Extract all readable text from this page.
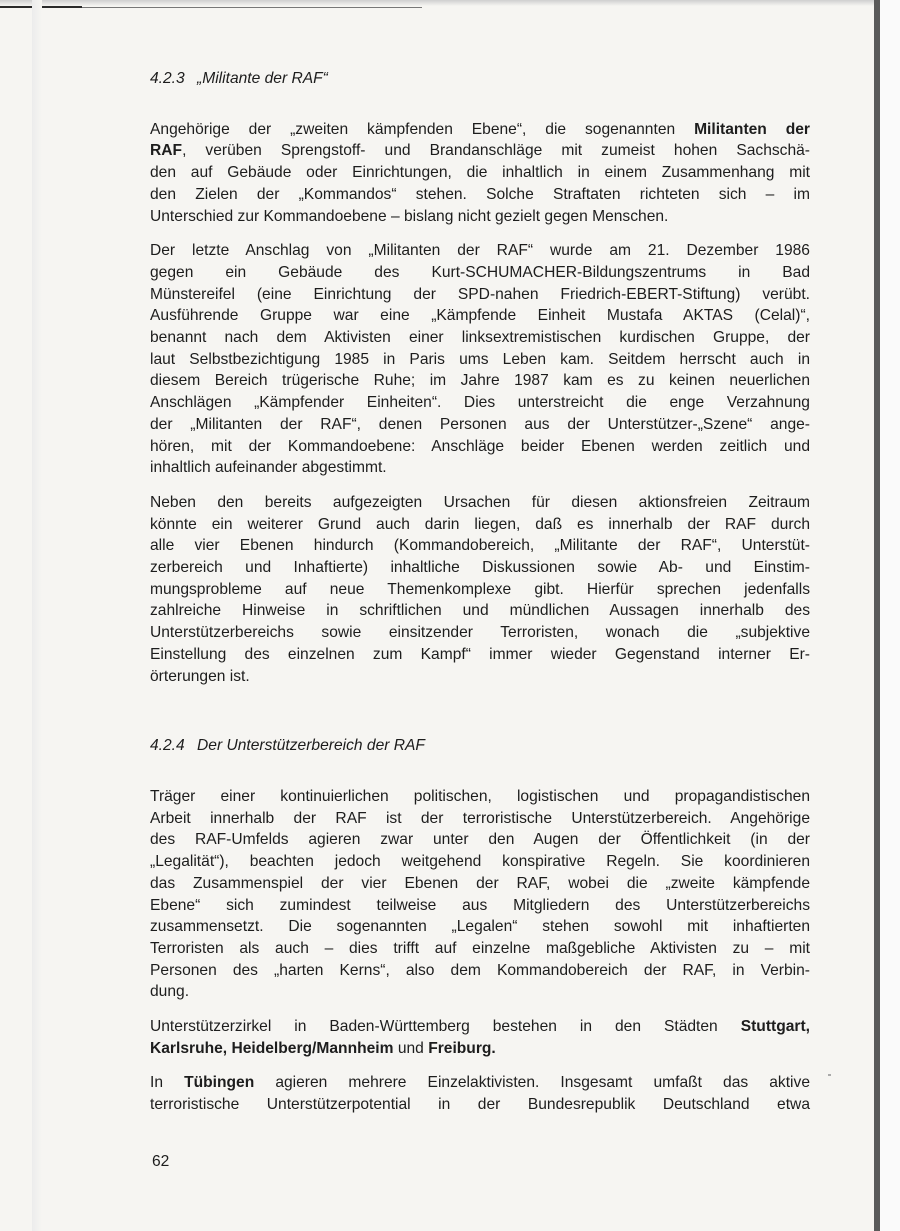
4.2.3 „Militante der RAF“

Angehörige der „zweiten kämpfenden Ebene“, die sogenannten Militanten der
RAF, verüben Sprengstoff- und Brandanschläge mit zumeist hohen Sachschä-
den auf Gebäude oder Einrichtungen, die inhaltlich in einem Zusammenhang mit
den Zielen der „Kommandos“ stehen. Solche Straftaten richteten sich – im
Unterschied zur Kommandoebene – bislang nicht gezielt gegen Menschen.

Der letzte Anschlag von „Militanten der RAF“ wurde am 21. Dezember 1986
gegen ein Gebäude des Kurt-SCHUMACHER-Bildungszentrums in Bad
Münstereifel (eine Einrichtung der SPD-nahen Friedrich-EBERT-Stiftung) verübt.
Ausführende Gruppe war eine „Kämpfende Einheit Mustafa AKTAS (Celal)“,
benannt nach dem Aktivisten einer linksextremistischen kurdischen Gruppe, der
laut Selbstbezichtigung 1985 in Paris ums Leben kam. Seitdem herrscht auch in
diesem Bereich trügerische Ruhe; im Jahre 1987 kam es zu keinen neuerlichen
Anschlägen „Kämpfender Einheiten“. Dies unterstreicht die enge Verzahnung
der „Militanten der RAF“, denen Personen aus der Unterstützer-„Szene“ ange-
hören, mit der Kommandoebene: Anschläge beider Ebenen werden zeitlich und
inhaltlich aufeinander abgestimmt.

Neben den bereits aufgezeigten Ursachen für diesen aktionsfreien Zeitraum
könnte ein weiterer Grund auch darin liegen, daß es innerhalb der RAF durch
alle vier Ebenen hindurch (Kommandobereich, „Militante der RAF“, Unterstüt-
zerbereich und Inhaftierte) inhaltliche Diskussionen sowie Ab- und Einstim-
mungsprobleme auf neue Themenkomplexe gibt. Hierfür sprechen jedenfalls
zahlreiche Hinweise in schriftlichen und mündlichen Aussagen innerhalb des
Unterstützerbereichs sowie einsitzender Terroristen, wonach die „subjektive
Einstellung des einzelnen zum Kampf“ immer wieder Gegenstand interner Er-
örterungen ist.

4.2.4 Der Unterstützerbereich der RAF

Träger einer kontinuierlichen politischen, logistischen und propagandistischen
Arbeit innerhalb der RAF ist der terroristische Unterstützerbereich. Angehörige
des RAF-Umfelds agieren zwar unter den Augen der Öffentlichkeit (in der
„Legalität“), beachten jedoch weitgehend konspirative Regeln. Sie koordinieren
das Zusammenspiel der vier Ebenen der RAF, wobei die „zweite kämpfende
Ebene“ sich zumindest teilweise aus Mitgliedern des Unterstützerbereichs
zusammensetzt. Die sogenannten „Legalen“ stehen sowohl mit inhaftierten
Terroristen als auch – dies trifft auf einzelne maßgebliche Aktivisten zu – mit
Personen des „harten Kerns“, also dem Kommandobereich der RAF, in Verbin-
dung.

Unterstützerzirkel in Baden-Württemberg bestehen in den Städten Stuttgart,
Karlsruhe, Heidelberg/Mannheim und Freiburg.

In Tübingen agieren mehrere Einzelaktivisten. Insgesamt umfaßt das aktive
terroristische Unterstützerpotential in der Bundesrepublik Deutschland etwa

62
